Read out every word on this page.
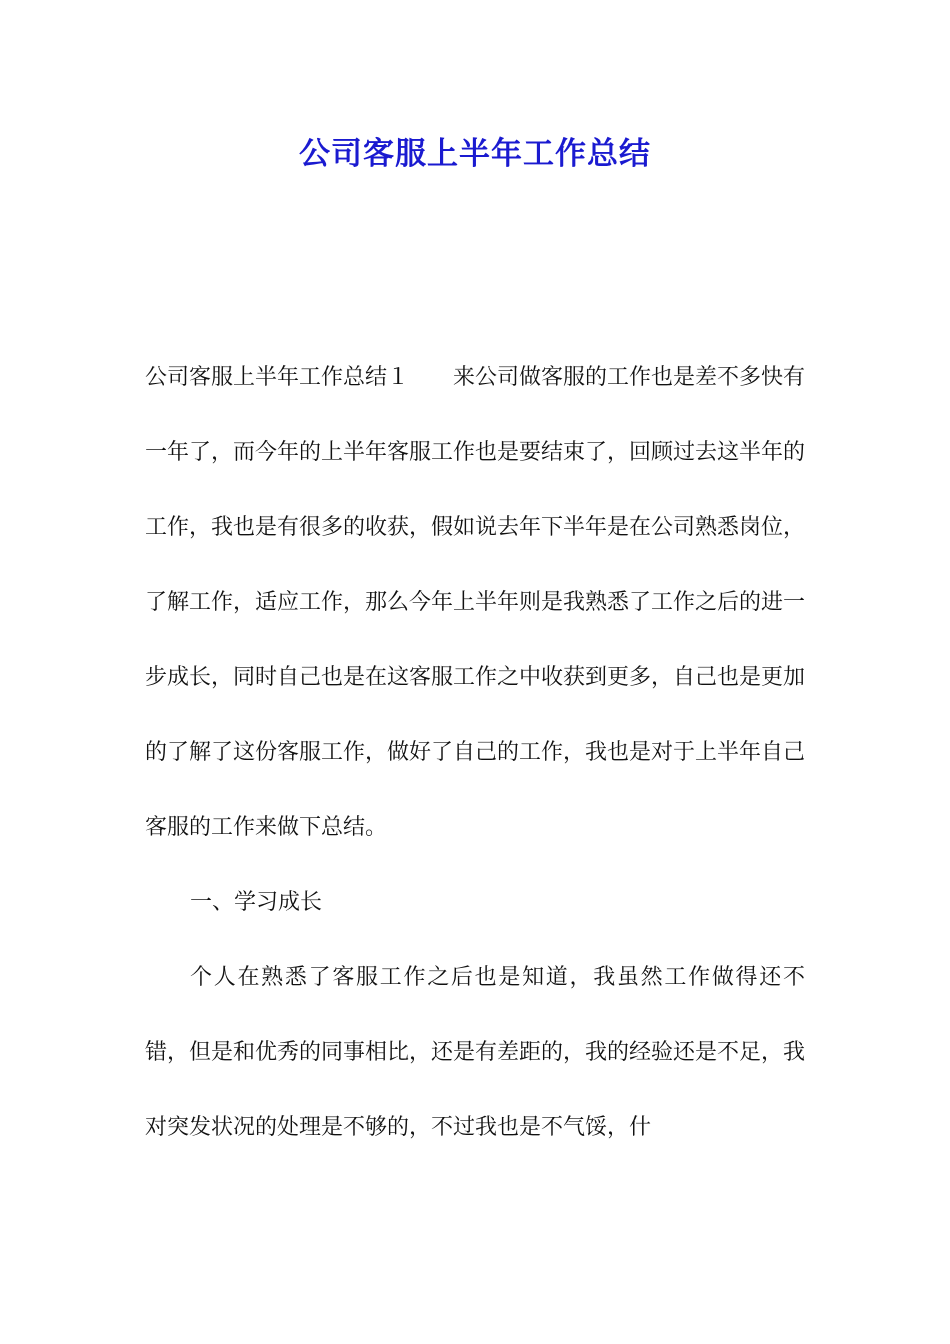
公司客服上半年工作总结

公司客服上半年工作总结１　　来公司做客服的工作也是差不多快有一年了，而今年的上半年客服工作也是要结束了，回顾过去这半年的工作，我也是有很多的收获，假如说去年下半年是在公司熟悉岗位，了解工作，适应工作，那么今年上半年则是我熟悉了工作之后的进一步成长，同时自己也是在这客服工作之中收获到更多，自己也是更加的了解了这份客服工作，做好了自己的工作，我也是对于上半年自己客服的工作来做下总结。

一、学习成长

个人在熟悉了客服工作之后也是知道，我虽然工作做得还不错，但是和优秀的同事相比，还是有差距的，我的经验还是不足，我对突发状况的处理是不够的，不过我也是不气馁，什
